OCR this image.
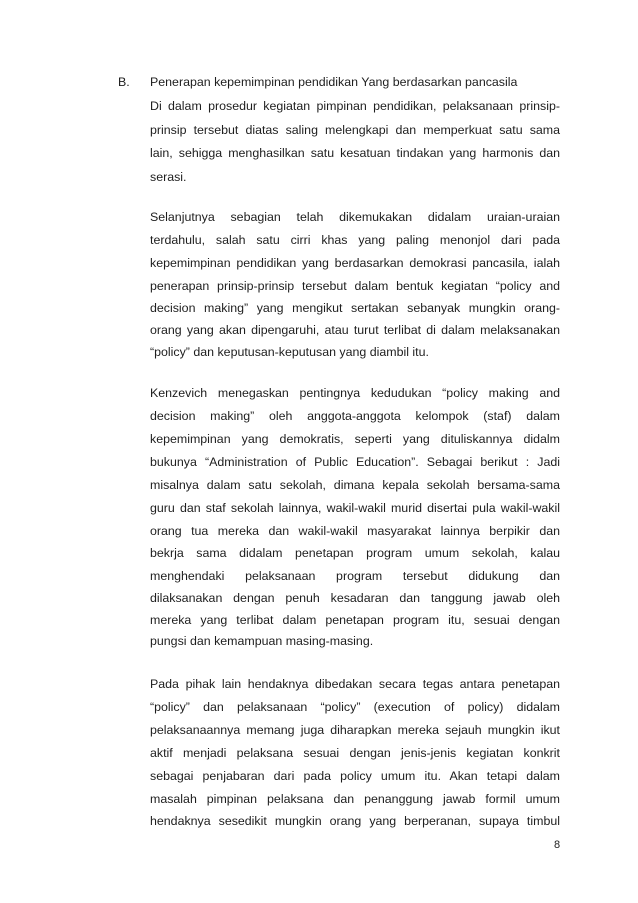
B. Penerapan kepemimpinan pendidikan Yang berdasarkan pancasila
Di dalam prosedur kegiatan pimpinan pendidikan, pelaksanaan prinsip-
prinsip tersebut diatas saling melengkapi dan memperkuat satu sama
lain, sehigga menghasilkan satu kesatuan tindakan yang harmonis dan
serasi.
Selanjutnya sebagian telah dikemukakan didalam uraian-uraian
terdahulu, salah satu cirri khas yang paling menonjol dari pada
kepemimpinan pendidikan yang berdasarkan demokrasi pancasila, ialah
penerapan prinsip-prinsip tersebut dalam bentuk kegiatan “policy and
decision making” yang mengikut sertakan sebanyak mungkin orang-
orang yang akan dipengaruhi, atau turut terlibat di dalam melaksanakan
“policy” dan keputusan-keputusan yang diambil itu.
Kenzevich menegaskan pentingnya kedudukan “policy making and
decision making” oleh anggota-anggota kelompok (staf) dalam
kepemimpinan yang demokratis, seperti yang dituliskannya didalm
bukunya “Administration of Public Education”. Sebagai berikut : Jadi
misalnya dalam satu sekolah, dimana kepala sekolah bersama-sama
guru dan staf sekolah lainnya, wakil-wakil murid disertai pula wakil-wakil
orang tua mereka dan wakil-wakil masyarakat lainnya berpikir dan
bekrja sama didalam penetapan program umum sekolah, kalau
menghendaki pelaksanaan program tersebut didukung dan
dilaksanakan dengan penuh kesadaran dan tanggung jawab oleh
mereka yang terlibat dalam penetapan program itu, sesuai dengan
pungsi dan kemampuan masing-masing.
Pada pihak lain hendaknya dibedakan secara tegas antara penetapan
“policy” dan pelaksanaan “policy” (execution of policy) didalam
pelaksanaannya memang juga diharapkan mereka sejauh mungkin ikut
aktif menjadi pelaksana sesuai dengan jenis-jenis kegiatan konkrit
sebagai penjabaran dari pada policy umum itu. Akan tetapi dalam
masalah pimpinan pelaksana dan penanggung jawab formil umum
hendaknya sesedikit mungkin orang yang berperanan, supaya timbul
8
